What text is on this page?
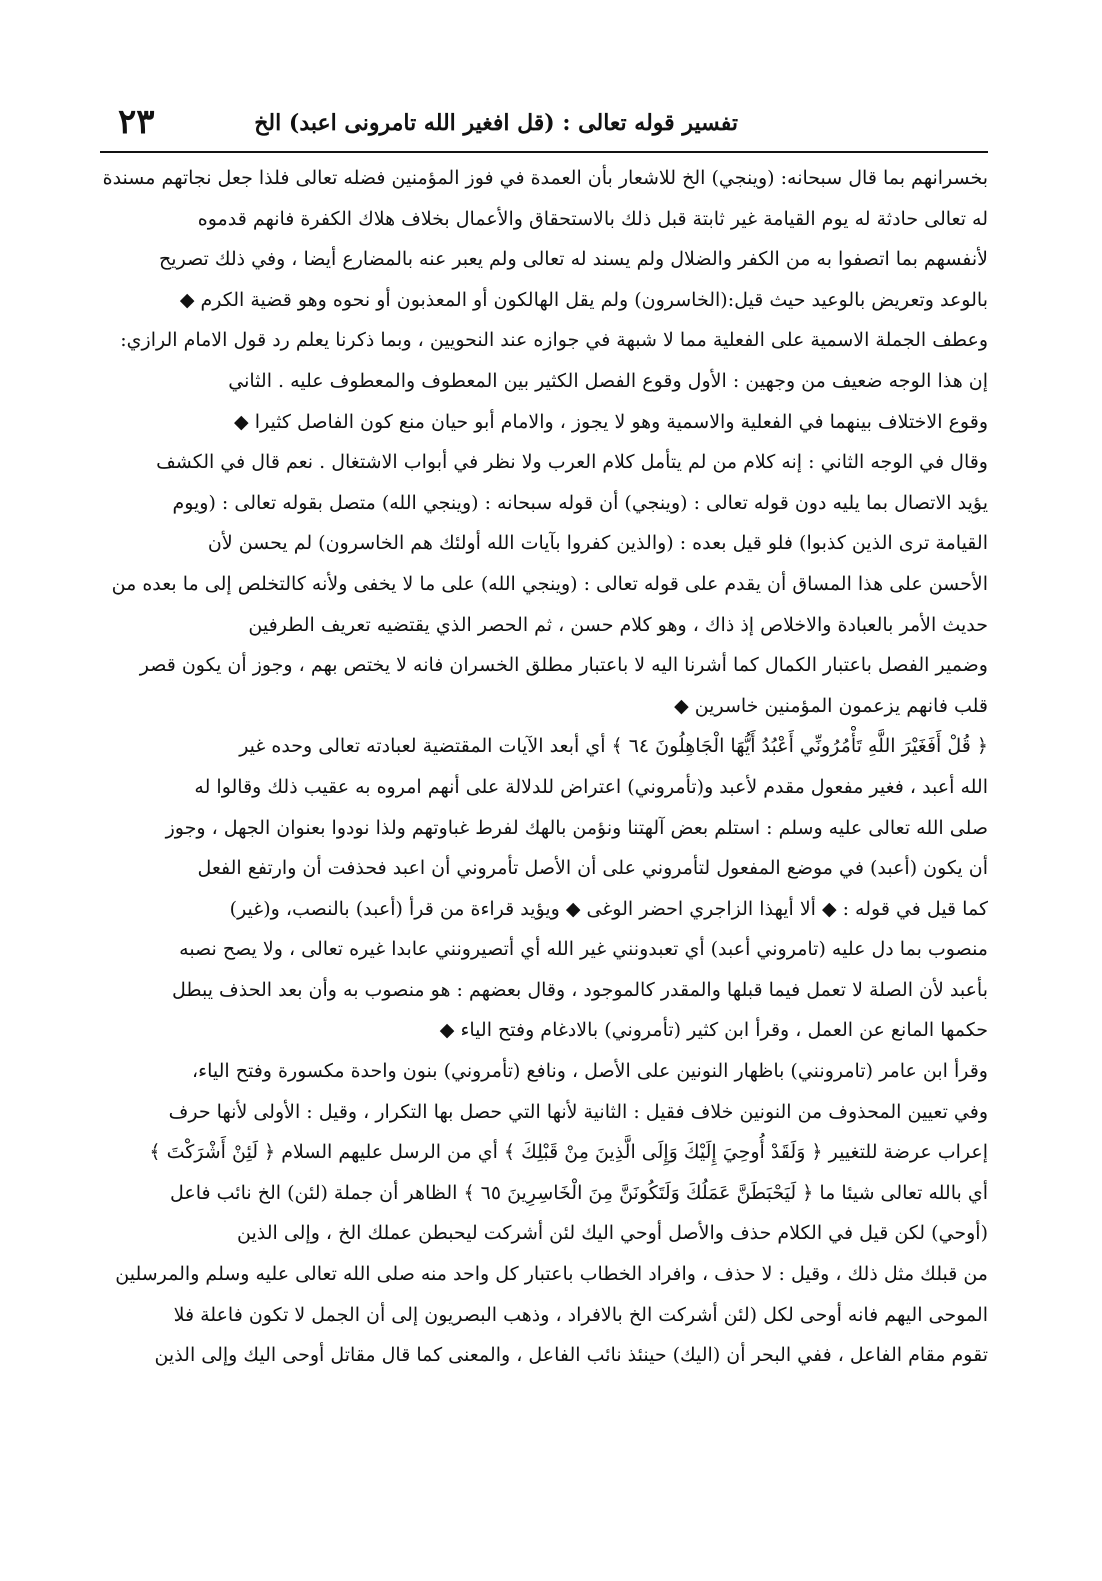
تفسير قوله تعالى : (قل افغير الله تامرونى اعبد) الخ
٢٣
بخسرانهم بما قال سبحانه: (وينجي) الخ للاشعار بأن العمدة في فوز المؤمنين فضله تعالى فلذا جعل نجاتهم مسندة
له تعالى حادثة له يوم القيامة غير ثابتة قبل ذلك بالاستحقاق والأعمال بخلاف هلاك الكفرة فانهم قدموه
لأنفسهم بما اتصفوا به من الكفر والضلال ولم يسند له تعالى ولم يعبر عنه بالمضارع أيضا ، وفي ذلك تصريح
بالوعد وتعريض بالوعيد حيث قيل:(الخاسرون) ولم يقل الهالكون أو المعذبون أو نحوه وهو قضية الكرم ◆
وعطف الجملة الاسمية على الفعلية مما لا شبهة في جوازه عند النحويين ، وبما ذكرنا يعلم رد قول الامام الرازي:
إن هذا الوجه ضعيف من وجهين : الأول وقوع الفصل الكثير بين المعطوف والمعطوف عليه . الثاني
وقوع الاختلاف بينهما في الفعلية والاسمية وهو لا يجوز ، والامام أبو حيان منع كون الفاصل كثيرا ◆
وقال في الوجه الثاني : إنه كلام من لم يتأمل كلام العرب ولا نظر في أبواب الاشتغال . نعم قال في الكشف
يؤيد الاتصال بما يليه دون قوله تعالى : (وينجي) أن قوله سبحانه : (وينجي الله) متصل بقوله تعالى : (ويوم
القيامة ترى الذين كذبوا) فلو قيل بعده : (والذين كفروا بآيات الله أولئك هم الخاسرون) لم يحسن لأن
الأحسن على هذا المساق أن يقدم على قوله تعالى : (وينجي الله) على ما لا يخفى ولأنه كالتخلص إلى ما بعده من
حديث الأمر بالعبادة والاخلاص إذ ذاك ، وهو كلام حسن ، ثم الحصر الذي يقتضيه تعريف الطرفين
وضمير الفصل باعتبار الكمال كما أشرنا اليه لا باعتبار مطلق الخسران فانه لا يختص بهم ، وجوز أن يكون قصر
قلب فانهم يزعمون المؤمنين خاسرين ◆
﴿ قُلْ أَفَغَيْرَ اللَّهِ تَأْمُرُونِّي أَعْبُدُ أَيُّهَا الْجَاهِلُونَ ٦٤ ﴾ أي أبعد الآيات المقتضية لعبادته تعالى وحده غير
الله أعبد ، فغير مفعول مقدم لأعبد و(تأمروني) اعتراض للدلالة على أنهم امروه به عقيب ذلك وقالوا له
صلى الله تعالى عليه وسلم : استلم بعض آلهتنا ونؤمن بالهك لفرط غباوتهم ولذا نودوا بعنوان الجهل ، وجوز
أن يكون (أعبد) في موضع المفعول لتأمروني على أن الأصل تأمروني أن اعبد فحذفت أن وارتفع الفعل
كما قيل في قوله : ◆ ألا أيهذا الزاجري احضر الوغى ◆ ويؤيد قراءة من قرأ (أعبد) بالنصب، و(غير)
منصوب بما دل عليه (تامروني أعبد) أي تعبدونني غير الله أي أتصيرونني عابدا غيره تعالى ، ولا يصح نصبه
بأعبد لأن الصلة لا تعمل فيما قبلها والمقدر كالموجود ، وقال بعضهم : هو منصوب به وأن بعد الحذف يبطل
حكمها المانع عن العمل ، وقرأ ابن كثير (تأمروني) بالادغام وفتح الياء ◆
وقرأ ابن عامر (تامرونني) باظهار النونين على الأصل ، ونافع (تأمروني) بنون واحدة مكسورة وفتح الياء،
وفي تعيين المحذوف من النونين خلاف فقيل : الثانية لأنها التي حصل بها التكرار ، وقيل : الأولى لأنها حرف
إعراب عرضة للتغيير ﴿ وَلَقَدْ أُوحِيَ إِلَيْكَ وَإِلَى الَّذِينَ مِنْ قَبْلِكَ ﴾ أي من الرسل عليهم السلام ﴿ لَئِنْ أَشْرَكْتَ ﴾
أي بالله تعالى شيئا ما ﴿ لَيَحْبَطَنَّ عَمَلُكَ وَلَتَكُونَنَّ مِنَ الْخَاسِرِينَ ٦٥ ﴾ الظاهر أن جملة (لئن) الخ نائب فاعل
(أوحي) لكن قيل في الكلام حذف والأصل أوحي اليك لئن أشركت ليحبطن عملك الخ ، وإلى الذين
من قبلك مثل ذلك ، وقيل : لا حذف ، وافراد الخطاب باعتبار كل واحد منه صلى الله تعالى عليه وسلم والمرسلين
الموحى اليهم فانه أوحى لكل (لئن أشركت الخ بالافراد ، وذهب البصريون إلى أن الجمل لا تكون فاعلة فلا
تقوم مقام الفاعل ، ففي البحر أن (اليك) حينئذ نائب الفاعل ، والمعنى كما قال مقاتل أوحى اليك وإلى الذين
